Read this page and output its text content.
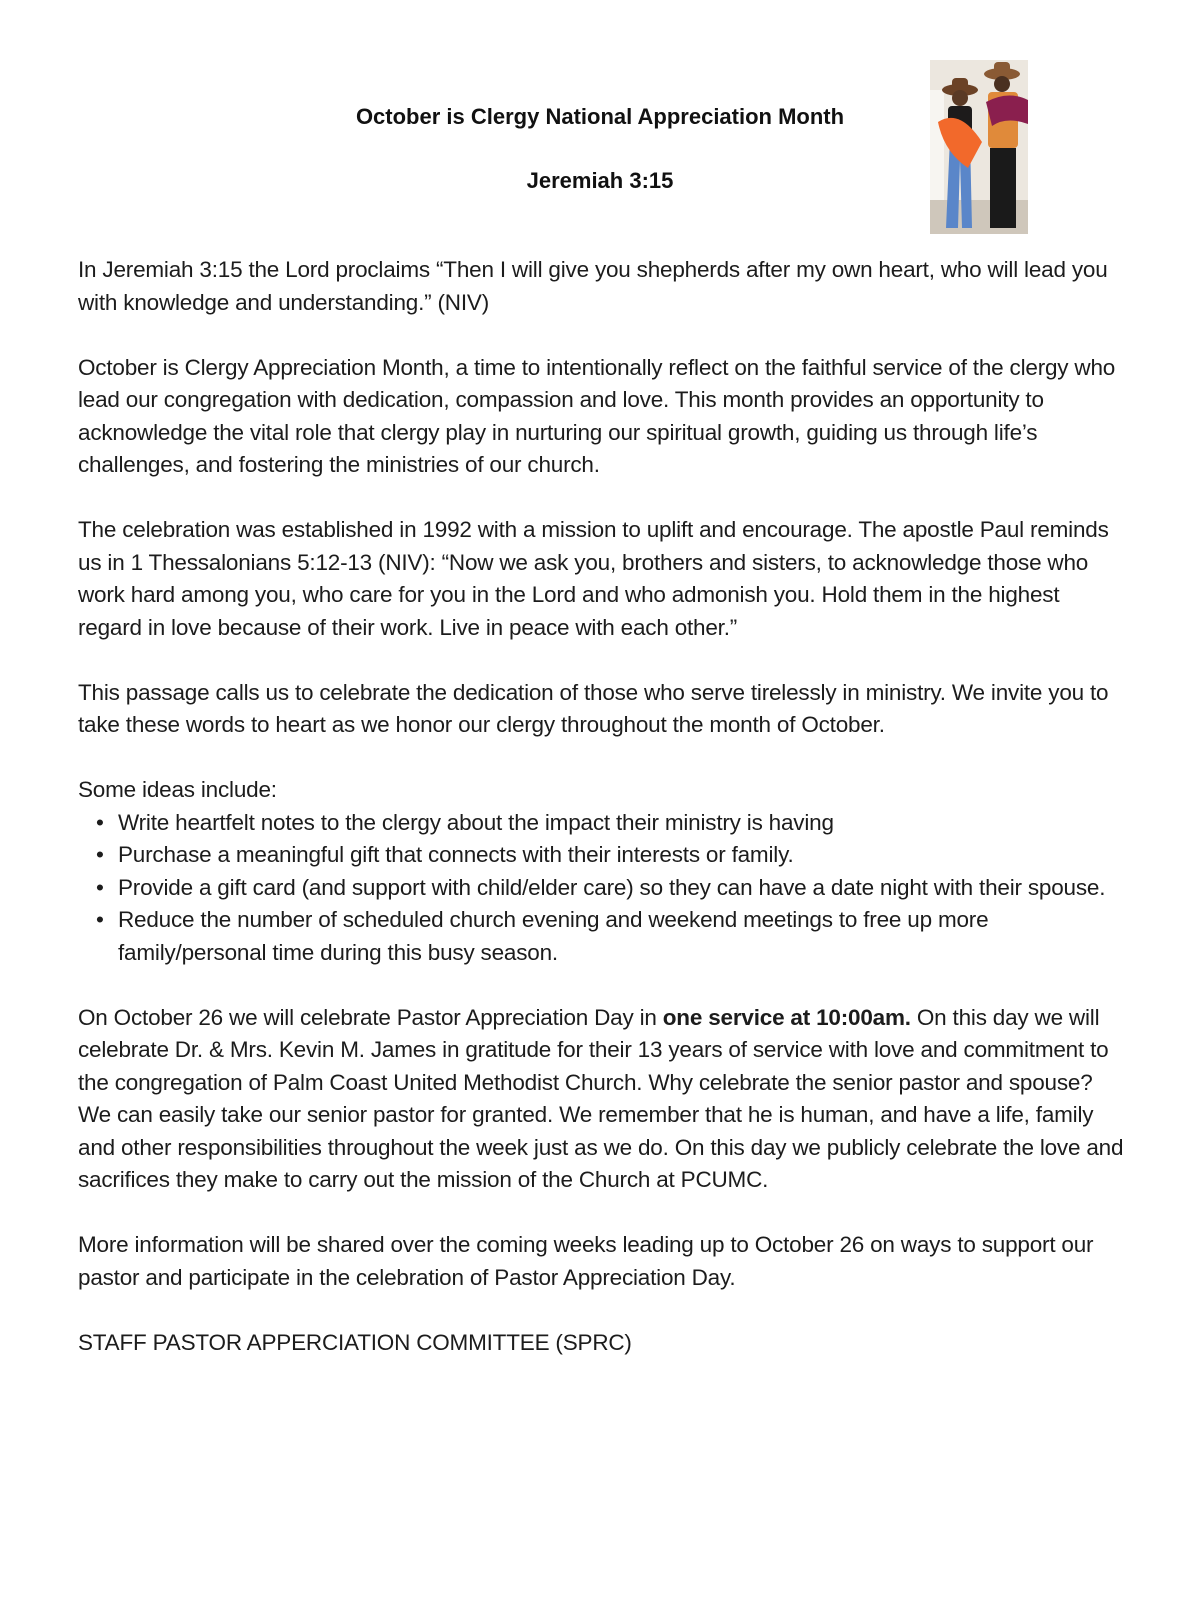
October is Clergy National Appreciation Month
Jeremiah 3:15

In Jeremiah 3:15 the Lord proclaims “Then I will give you shepherds after my own heart, who will lead you with knowledge and understanding.” (NIV)

October is Clergy Appreciation Month, a time to intentionally reflect on the faithful service of the clergy who lead our congregation with dedication, compassion and love. This month provides an opportunity to acknowledge the vital role that clergy play in nurturing our spiritual growth, guiding us through life’s challenges, and fostering the ministries of our church.

The celebration was established in 1992 with a mission to uplift and encourage. The apostle Paul reminds us in 1 Thessalonians 5:12-13 (NIV): “Now we ask you, brothers and sisters, to acknowledge those who work hard among you, who care for you in the Lord and who admonish you. Hold them in the highest regard in love because of their work. Live in peace with each other.”

This passage calls us to celebrate the dedication of those who serve tirelessly in ministry. We invite you to take these words to heart as we honor our clergy throughout the month of October.

Some ideas include:
• Write heartfelt notes to the clergy about the impact their ministry is having
• Purchase a meaningful gift that connects with their interests or family.
• Provide a gift card (and support with child/elder care) so they can have a date night with their spouse.
• Reduce the number of scheduled church evening and weekend meetings to free up more family/personal time during this busy season.

On October 26 we will celebrate Pastor Appreciation Day in one service at 10:00am. On this day we will celebrate Dr. & Mrs. Kevin M. James in gratitude for their 13 years of service with love and commitment to the congregation of Palm Coast United Methodist Church. Why celebrate the senior pastor and spouse? We can easily take our senior pastor for granted. We remember that he is human, and have a life, family and other responsibilities throughout the week just as we do. On this day we publicly celebrate the love and sacrifices they make to carry out the mission of the Church at PCUMC.

More information will be shared over the coming weeks leading up to October 26 on ways to support our pastor and participate in the celebration of Pastor Appreciation Day.

STAFF PASTOR APPERCIATION COMMITTEE (SPRC)
